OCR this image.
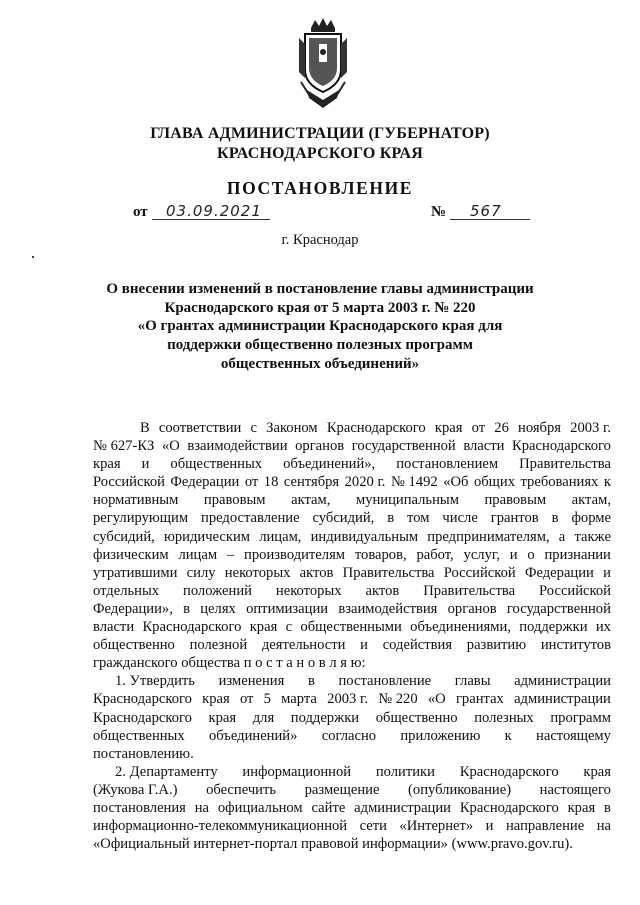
ГЛАВА АДМИНИСТРАЦИИ (ГУБЕРНАТОР)
КРАСНОДАРСКОГО КРАЯ
ПОСТАНОВЛЕНИЕ
от 03.09.2021	№ 567
г. Краснодар
О внесении изменений в постановление главы администрации
Краснодарского края от 5 марта 2003 г. № 220
«О грантах администрации Краснодарского края для
поддержки общественно полезных программ
общественных объединений»
В соответствии с Законом Краснодарского края от 26 ноября 2003 г.
№ 627-КЗ «О взаимодействии органов государственной власти Краснодарского
края и общественных объединений», постановлением Правительства
Российской Федерации от 18 сентября 2020 г. № 1492 «Об общих требованиях к
нормативным правовым актам, муниципальным правовым актам,
регулирующим предоставление субсидий, в том числе грантов в форме
субсидий, юридическим лицам, индивидуальным предпринимателям, а также
физическим лицам – производителям товаров, работ, услуг, и о признании
утратившими силу некоторых актов Правительства Российской Федерации и
отдельных положений некоторых актов Правительства Российской
Федерации», в целях оптимизации взаимодействия органов государственной
власти Краснодарского края с общественными объединениями, поддержки их
общественно полезной деятельности и содействия развитию институтов
гражданского общества п о с т а н о в л я ю:
1. Утвердить изменения в постановление главы администрации
Краснодарского края от 5 марта 2003 г. № 220 «О грантах администрации
Краснодарского края для поддержки общественно полезных программ
общественных объединений» согласно приложению к настоящему
постановлению.
2. Департаменту информационной политики Краснодарского края
(Жукова Г.А.) обеспечить размещение (опубликование) настоящего
постановления на официальном сайте администрации Краснодарского края в
информационно-телекоммуникационной сети «Интернет» и направление на
«Официальный интернет-портал правовой информации» (www.pravo.gov.ru).
